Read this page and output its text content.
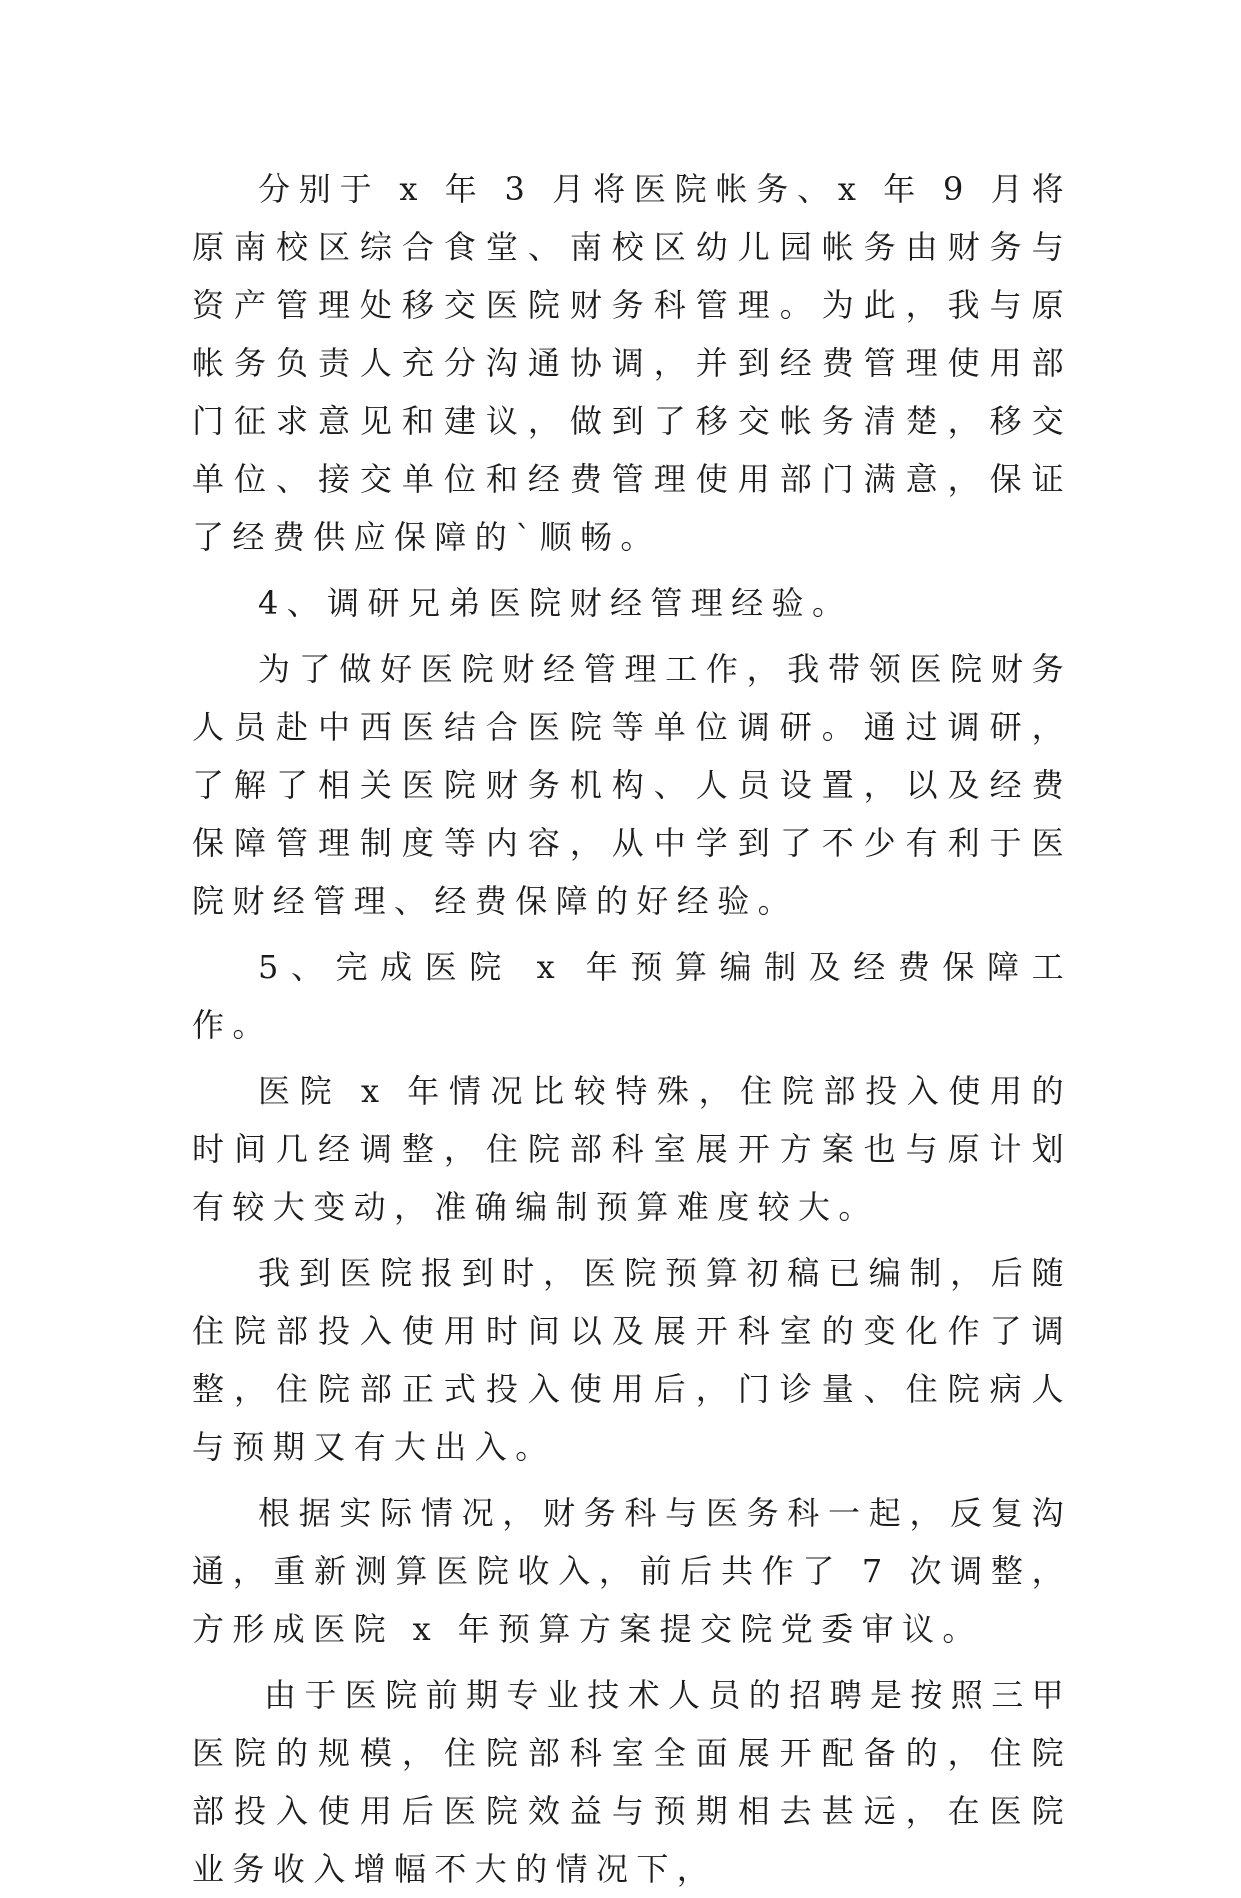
分别于 x 年 3 月将医院帐务、x 年 9 月将原南校区综合食堂、南校区幼儿园帐务由财务与资产管理处移交医院财务科管理。为此，我与原帐务负责人充分沟通协调，并到经费管理使用部门征求意见和建议，做到了移交帐务清楚，移交单位、接交单位和经费管理使用部门满意，保证了经费供应保障的`顺畅。

4、调研兄弟医院财经管理经验。

为了做好医院财经管理工作，我带领医院财务人员赴中西医结合医院等单位调研。通过调研，了解了相关医院财务机构、人员设置，以及经费保障管理制度等内容，从中学到了不少有利于医院财经管理、经费保障的好经验。

5、完成医院 x 年预算编制及经费保障工作。

医院 x 年情况比较特殊，住院部投入使用的时间几经调整，住院部科室展开方案也与原计划有较大变动，准确编制预算难度较大。

我到医院报到时，医院预算初稿已编制，后随住院部投入使用时间以及展开科室的变化作了调整，住院部正式投入使用后，门诊量、住院病人与预期又有大出入。

根据实际情况，财务科与医务科一起，反复沟通，重新测算医院收入，前后共作了 7 次调整，方形成医院 x 年预算方案提交院党委审议。

由于医院前期专业技术人员的招聘是按照三甲医院的规模，住院部科室全面展开配备的，住院部投入使用后医院效益与预期相去甚远，在医院业务收入增幅不大的情况下，
